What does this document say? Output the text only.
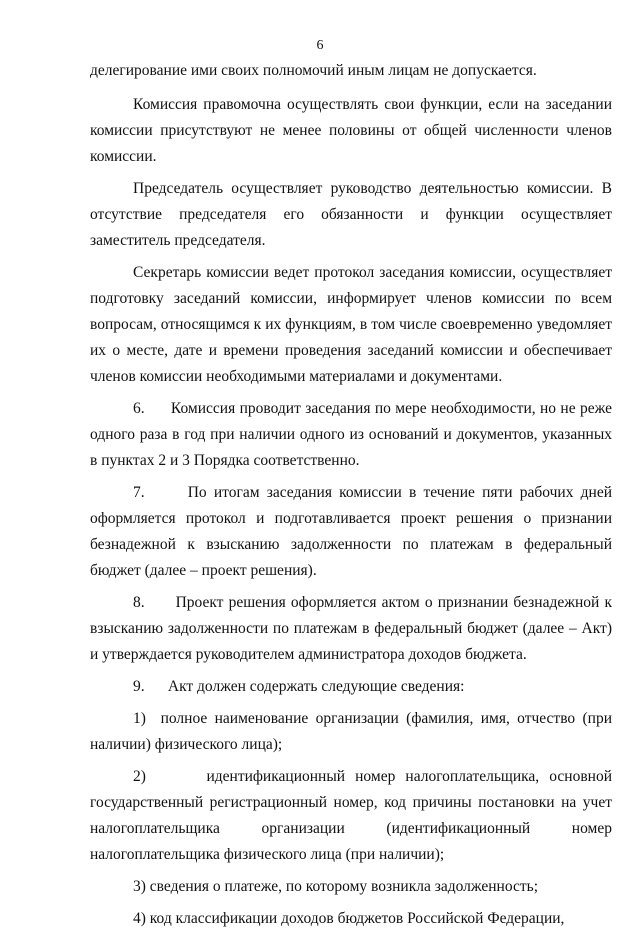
6

делегирование ими своих полномочий иным лицам не допускается.

Комиссия правомочна осуществлять свои функции, если на заседании комиссии присутствуют не менее половины от общей численности членов комиссии.

Председатель осуществляет руководство деятельностью комиссии. В отсутствие председателя его обязанности и функции осуществляет заместитель председателя.

Секретарь комиссии ведет протокол заседания комиссии, осуществляет подготовку заседаний комиссии, информирует членов комиссии по всем вопросам, относящимся к их функциям, в том числе своевременно уведомляет их о месте, дате и времени проведения заседаний комиссии и обеспечивает членов комиссии необходимыми материалами и документами.

6.      Комиссия проводит заседания по мере необходимости, но не реже одного раза в год при наличии одного из оснований и документов, указанных в пунктах 2 и 3 Порядка соответственно.

7.      По итогам заседания комиссии в течение пяти рабочих дней оформляется протокол и подготавливается проект решения о признании безнадежной к взысканию задолженности по платежам в федеральный бюджет (далее – проект решения).

8.      Проект решения оформляется актом о признании безнадежной к взысканию задолженности по платежам в федеральный бюджет (далее – Акт) и утверждается руководителем администратора доходов бюджета.

9.      Акт должен содержать следующие сведения:

1)  полное наименование организации (фамилия, имя, отчество (при наличии) физического лица);

2)      идентификационный номер налогоплательщика, основной государственный регистрационный номер, код причины постановки на учет налогоплательщика организации (идентификационный номер налогоплательщика физического лица (при наличии);

3) сведения о платеже, по которому возникла задолженность;

4) код классификации доходов бюджетов Российской Федерации,
